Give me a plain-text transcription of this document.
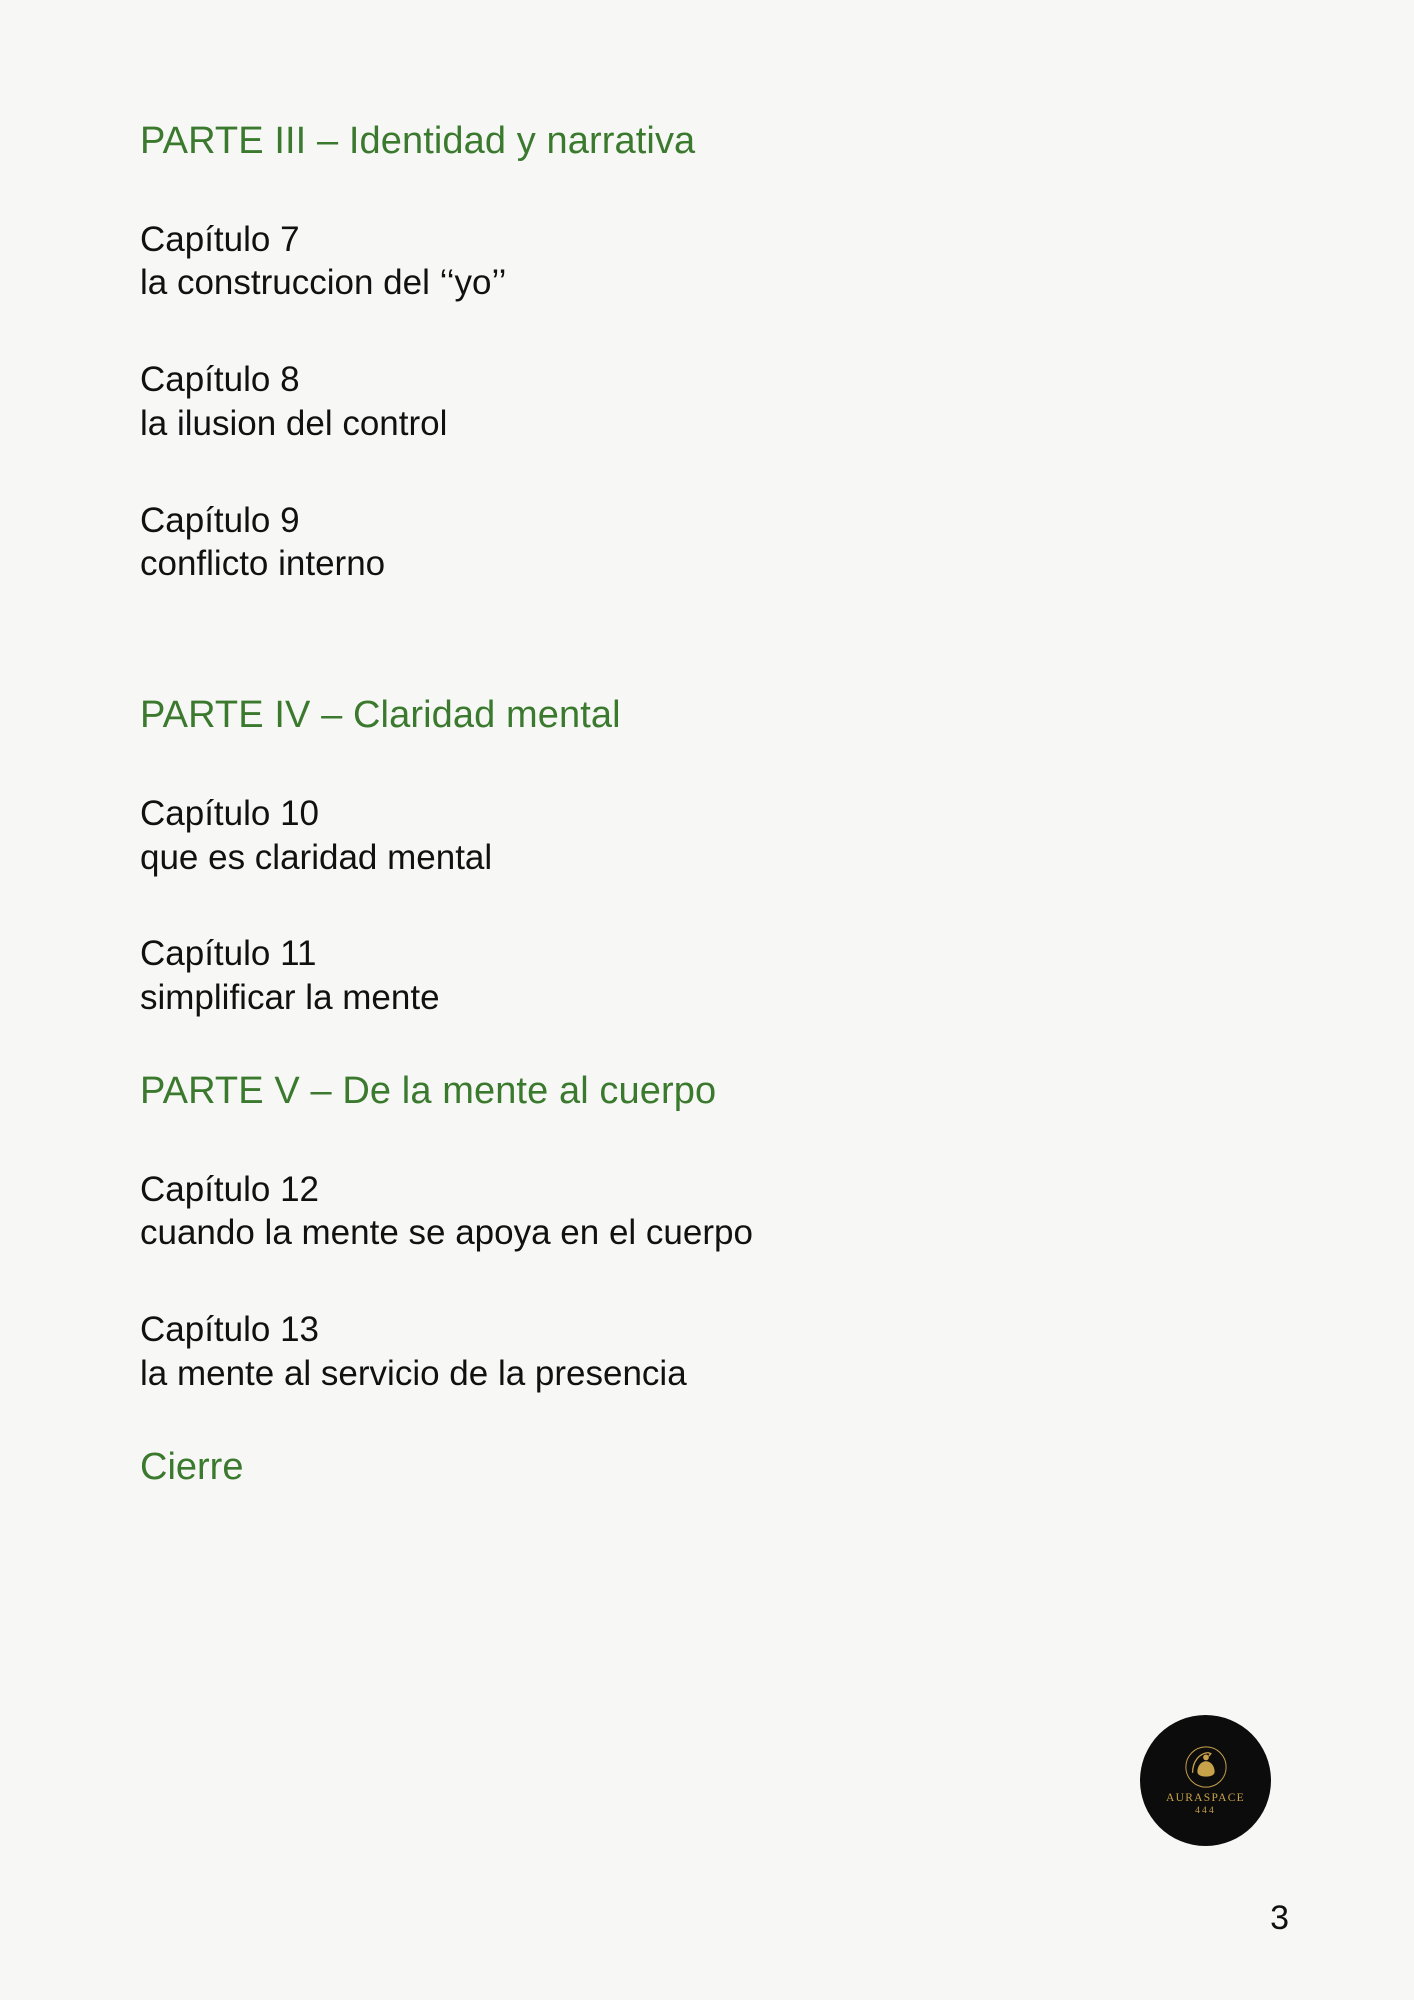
PARTE III – Identidad y narrativa

Capítulo 7

la construccion del ‘‘yo’’

Capítulo 8

la ilusion del control

Capítulo 9

conflicto interno

PARTE IV – Claridad mental

Capítulo 10

que es claridad mental

Capítulo 11

simplificar la mente

PARTE V – De la mente al cuerpo

Capítulo 12

cuando la mente se apoya en el cuerpo

Capítulo 13

la mente al servicio de la presencia

Cierre

AURASPACE
444
3
